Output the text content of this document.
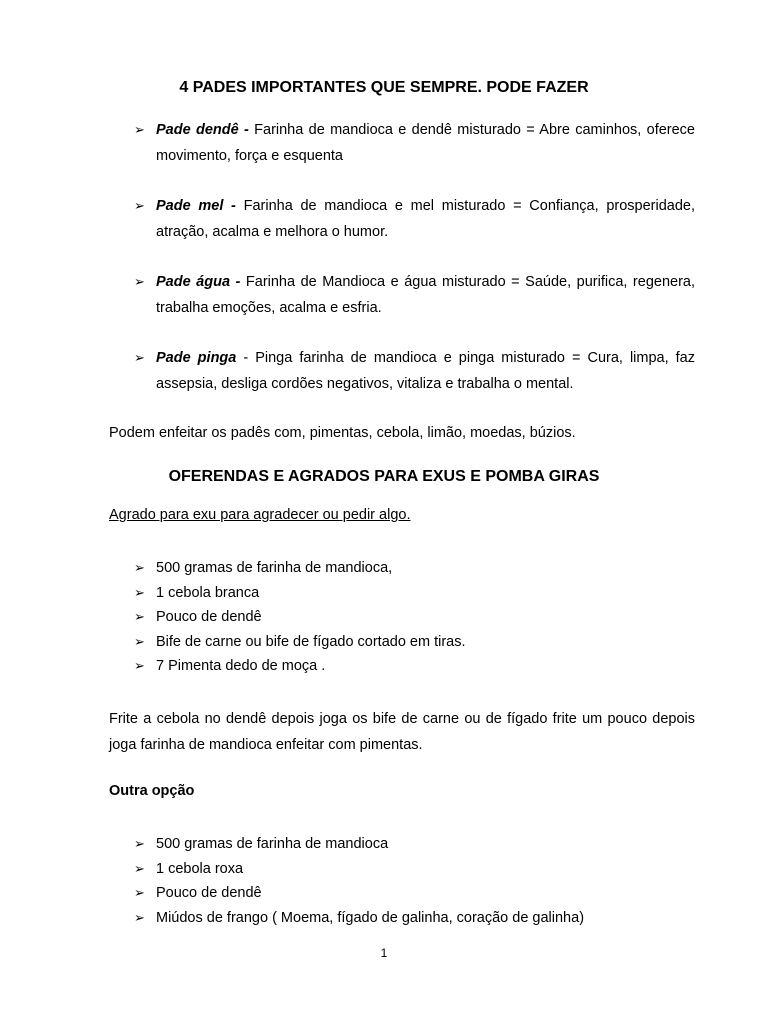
4 PADES IMPORTANTES QUE SEMPRE. PODE FAZER
➢ Pade dendê - Farinha de mandioca e dendê misturado = Abre caminhos, oferece movimento, força e esquenta
➢ Pade mel - Farinha de mandioca e mel misturado = Confiança, prosperidade, atração, acalma e melhora o humor.
➢ Pade água - Farinha de Mandioca e água misturado = Saúde, purifica, regenera, trabalha emoções, acalma e esfria.
➢ Pade pinga - Pinga farinha de mandioca e pinga misturado = Cura, limpa, faz assepsia, desliga cordões negativos, vitaliza e trabalha o mental.

Podem enfeitar os padês com, pimentas, cebola, limão, moedas, búzios.

OFERENDAS E AGRADOS PARA EXUS E POMBA GIRAS
Agrado para exu para agradecer ou pedir algo.
➢ 500 gramas de farinha de mandioca,
➢ 1 cebola branca
➢ Pouco de dendê
➢ Bife de carne ou bife de fígado cortado em tiras.
➢ 7 Pimenta dedo de moça .

Frite a cebola no dendê depois joga os bife de carne ou de fígado frite um pouco depois joga farinha de mandioca enfeitar com pimentas.

Outra opção
➢ 500 gramas de farinha de mandioca
➢ 1 cebola roxa
➢ Pouco de dendê
➢ Miúdos de frango ( Moema, fígado de galinha, coração de galinha)
1
